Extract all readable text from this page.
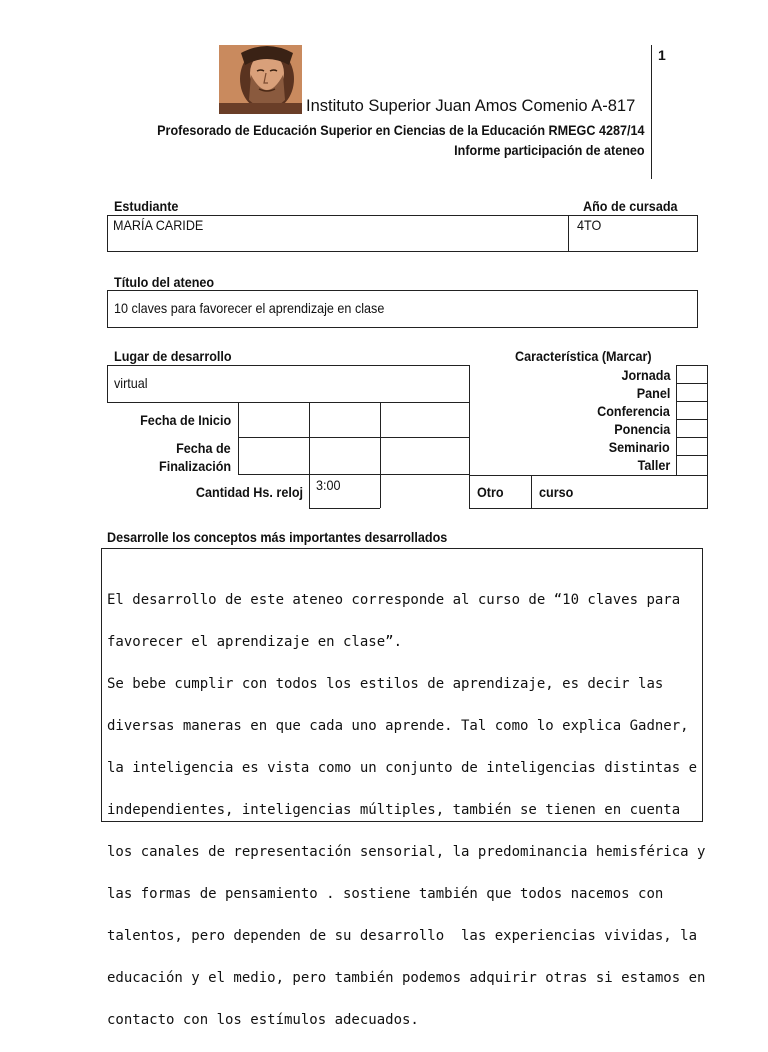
1
Instituto Superior Juan Amos Comenio A-817
Profesorado de Educación Superior en Ciencias de la Educación RMEGC 4287/14
Informe participación de ateneo
Estudiante	Año de cursada
MARÍA CARIDE	4TO
Título del ateneo
10 claves para favorecer el aprendizaje en clase
Lugar de desarrollo
virtual
Fecha de Inicio
Fecha de
Finalización
Cantidad Hs. reloj 3:00
Característica (Marcar)
Jornada
Panel
Conferencia
Ponencia
Seminario
Taller
Otro	curso
Desarrolle los conceptos más importantes desarrollados

El desarrollo de este ateneo corresponde al curso de “10 claves para

favorecer el aprendizaje en clase”.

Se bebe cumplir con todos los estilos de aprendizaje, es decir las

diversas maneras en que cada uno aprende. Tal como lo explica Gadner,

la inteligencia es vista como un conjunto de inteligencias distintas e

independientes, inteligencias múltiples, también se tienen en cuenta

los canales de representación sensorial, la predominancia hemisférica y

las formas de pensamiento . sostiene también que todos nacemos con

talentos, pero dependen de su desarrollo  las experiencias vividas, la

educación y el medio, pero también podemos adquirir otras si estamos en

contacto con los estímulos adecuados.
